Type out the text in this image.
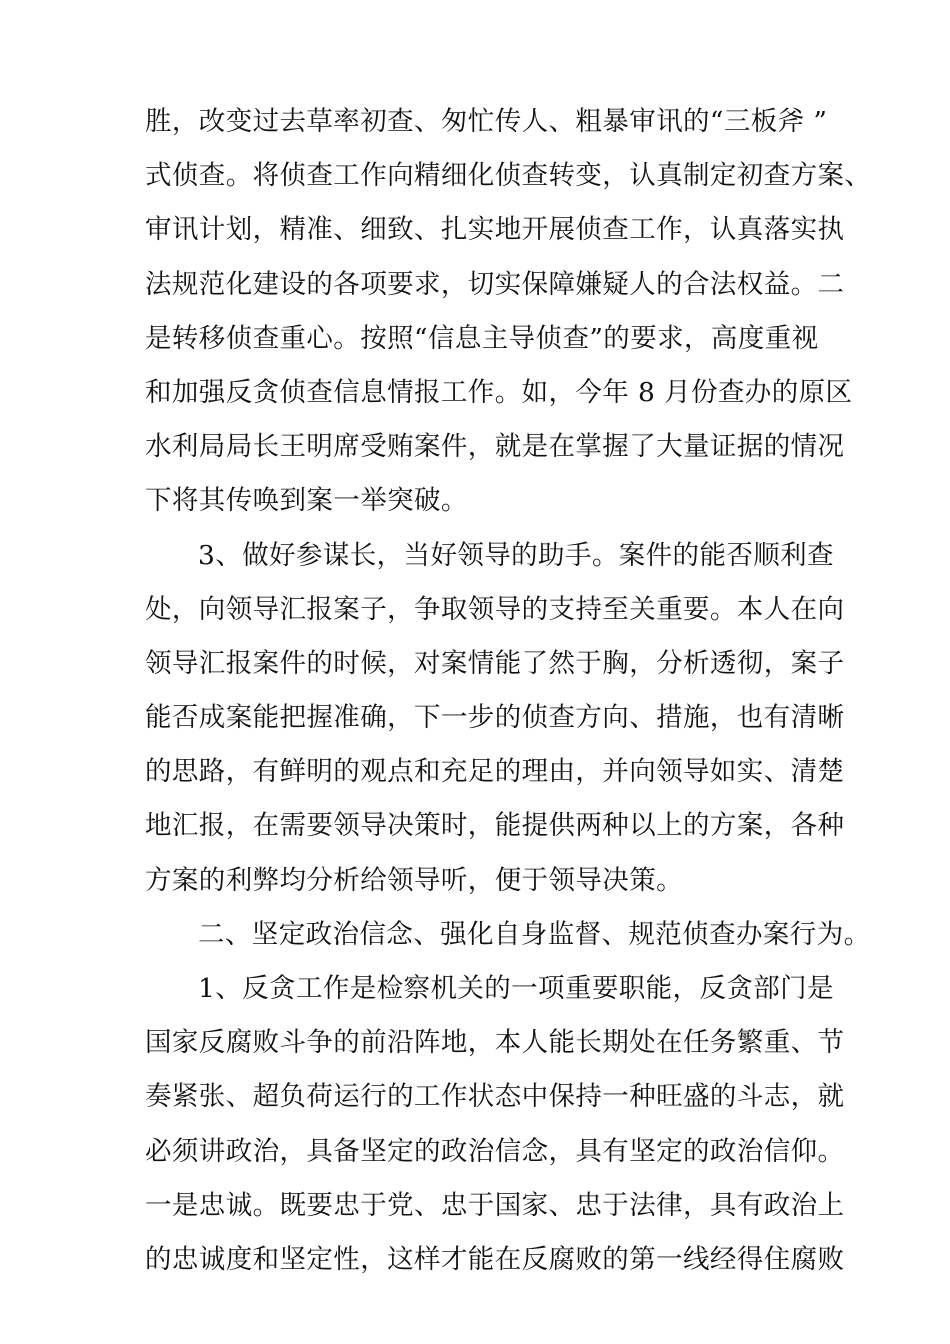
胜，改变过去草率初查、匆忙传人、粗暴审讯的“三板斧 ”
式侦查。将侦查工作向精细化侦查转变，认真制定初查方案、
审讯计划，精准、细致、扎实地开展侦查工作，认真落实执
法规范化建设的各项要求，切实保障嫌疑人的合法权益。二
是转移侦查重心。按照“信息主导侦查”的要求，高度重视
和加强反贪侦查信息情报工作。如，今年 8 月份查办的原区
水利局局长王明席受贿案件，就是在掌握了大量证据的情况
下将其传唤到案一举突破。
3、做好参谋长，当好领导的助手。案件的能否顺利查
处，向领导汇报案子，争取领导的支持至关重要。本人在向
领导汇报案件的时候，对案情能了然于胸，分析透彻，案子
能否成案能把握准确，下一步的侦查方向、措施，也有清晰
的思路，有鲜明的观点和充足的理由，并向领导如实、清楚
地汇报，在需要领导决策时，能提供两种以上的方案，各种
方案的利弊均分析给领导听，便于领导决策。
二、坚定政治信念、强化自身监督、规范侦查办案行为。
1、反贪工作是检察机关的一项重要职能，反贪部门是
国家反腐败斗争的前沿阵地，本人能长期处在任务繁重、节
奏紧张、超负荷运行的工作状态中保持一种旺盛的斗志，就
必须讲政治，具备坚定的政治信念，具有坚定的政治信仰。
一是忠诚。既要忠于党、忠于国家、忠于法律，具有政治上
的忠诚度和坚定性，这样才能在反腐败的第一线经得住腐败
